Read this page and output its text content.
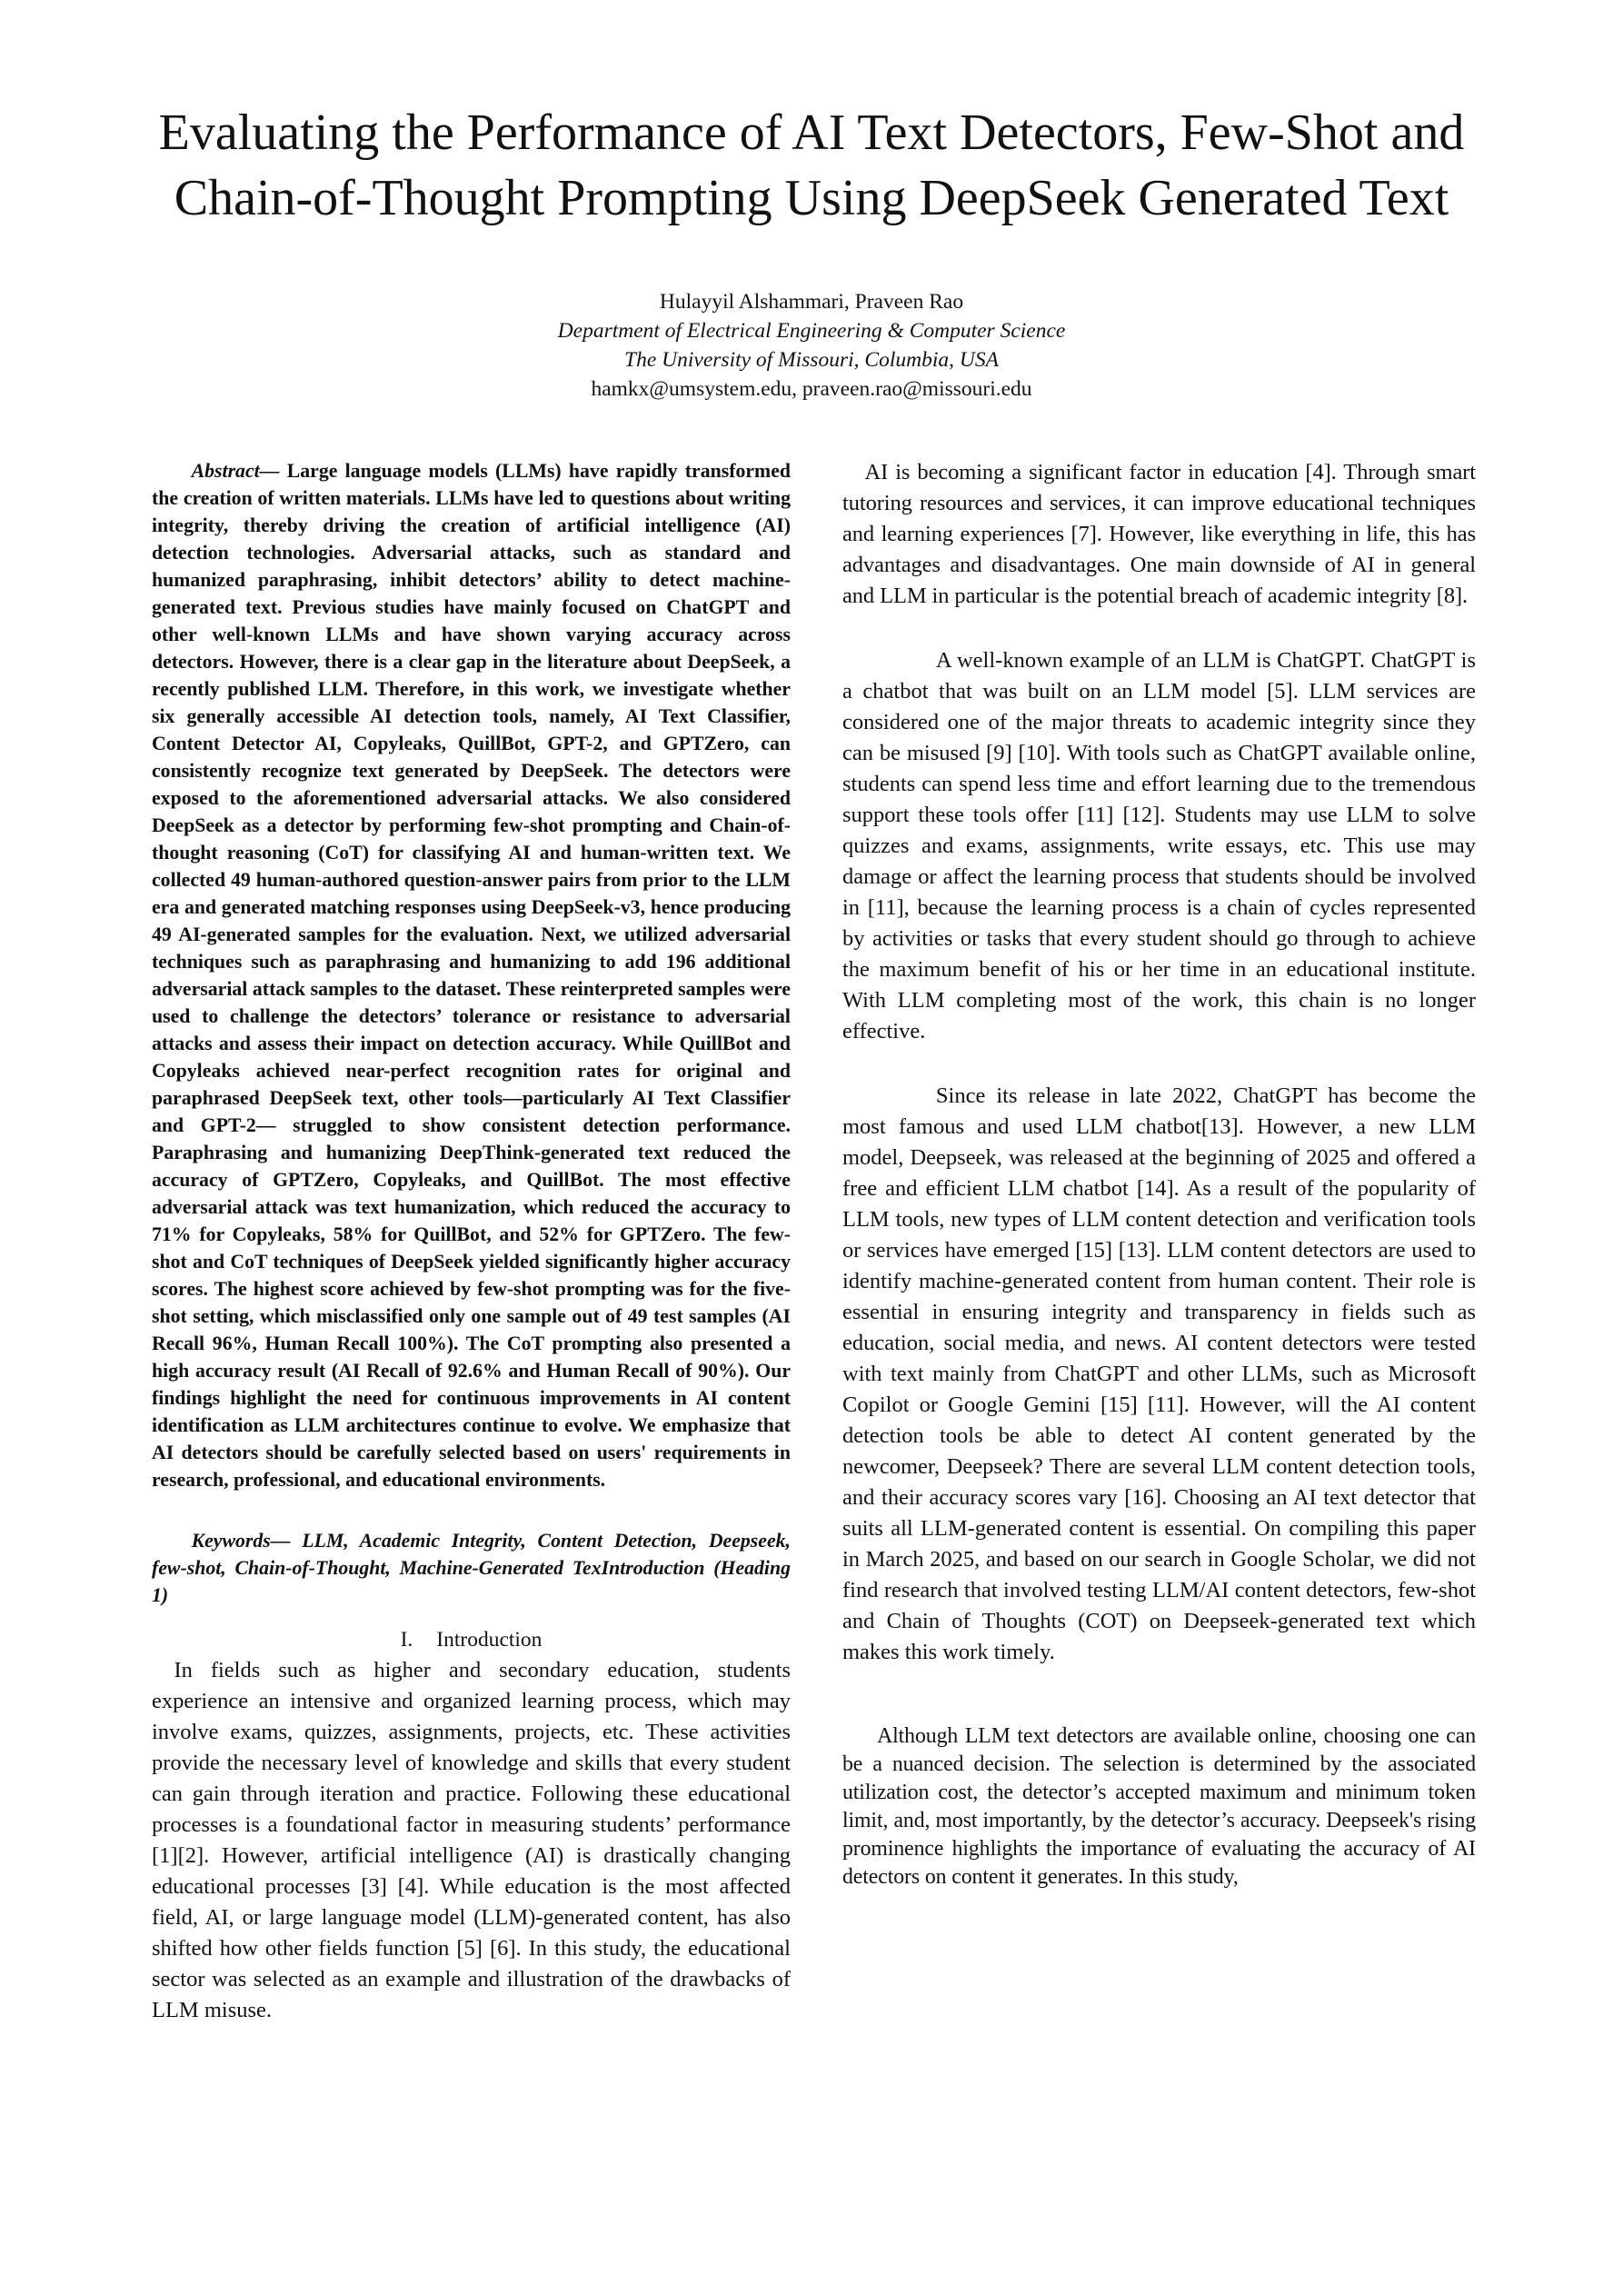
Evaluating the Performance of AI Text Detectors, Few-Shot and
Chain-of-Thought Prompting Using DeepSeek Generated Text
Hulayyil Alshammari, Praveen Rao
Department of Electrical Engineering & Computer Science
The University of Missouri, Columbia, USA
hamkx@umsystem.edu, praveen.rao@missouri.edu

Abstract— Large language models (LLMs) have rapidly transformed the creation of written materials. LLMs have led to questions about writing integrity, thereby driving the creation of artificial intelligence (AI) detection technologies. Adversarial attacks, such as standard and humanized paraphrasing, inhibit detectors’ ability to detect machine-generated text. Previous studies have mainly focused on ChatGPT and other well-known LLMs and have shown varying accuracy across detectors. However, there is a clear gap in the literature about DeepSeek, a recently published LLM. Therefore, in this work, we investigate whether six generally accessible AI detection tools, namely, AI Text Classifier, Content Detector AI, Copyleaks, QuillBot, GPT-2, and GPTZero, can consistently recognize text generated by DeepSeek. The detectors were exposed to the aforementioned adversarial attacks. We also considered DeepSeek as a detector by performing few-shot prompting and Chain-of-thought reasoning (CoT) for classifying AI and human-written text. We collected 49 human-authored question-answer pairs from prior to the LLM era and generated matching responses using DeepSeek-v3, hence producing 49 AI-generated samples for the evaluation. Next, we utilized adversarial techniques such as paraphrasing and humanizing to add 196 additional adversarial attack samples to the dataset. These reinterpreted samples were used to challenge the detectors’ tolerance or resistance to adversarial attacks and assess their impact on detection accuracy. While QuillBot and Copyleaks achieved near-perfect recognition rates for original and paraphrased DeepSeek text, other tools—particularly AI Text Classifier and GPT-2— struggled to show consistent detection performance. Paraphrasing and humanizing DeepThink-generated text reduced the accuracy of GPTZero, Copyleaks, and QuillBot. The most effective adversarial attack was text humanization, which reduced the accuracy to 71% for Copyleaks, 58% for QuillBot, and 52% for GPTZero. The few-shot and CoT techniques of DeepSeek yielded significantly higher accuracy scores. The highest score achieved by few-shot prompting was for the five-shot setting, which misclassified only one sample out of 49 test samples (AI Recall 96%, Human Recall 100%). The CoT prompting also presented a high accuracy result (AI Recall of 92.6% and Human Recall of 90%). Our findings highlight the need for continuous improvements in AI content identification as LLM architectures continue to evolve. We emphasize that AI detectors should be carefully selected based on users' requirements in research, professional, and educational environments.

Keywords— LLM, Academic Integrity, Content Detection, Deepseek, few-shot, Chain-of-Thought, Machine-Generated TexIntroduction (Heading 1)

I. Introduction

In fields such as higher and secondary education, students experience an intensive and organized learning process, which may involve exams, quizzes, assignments, projects, etc. These activities provide the necessary level of knowledge and skills that every student can gain through iteration and practice. Following these educational processes is a foundational factor in measuring students’ performance [1][2]. However, artificial intelligence (AI) is drastically changing educational processes [3] [4]. While education is the most affected field, AI, or large language model (LLM)-generated content, has also shifted how other fields function [5] [6]. In this study, the educational sector was selected as an example and illustration of the drawbacks of LLM misuse.

AI is becoming a significant factor in education [4]. Through smart tutoring resources and services, it can improve educational techniques and learning experiences [7]. However, like everything in life, this has advantages and disadvantages. One main downside of AI in general and LLM in particular is the potential breach of academic integrity [8].

A well-known example of an LLM is ChatGPT. ChatGPT is a chatbot that was built on an LLM model [5]. LLM services are considered one of the major threats to academic integrity since they can be misused [9] [10]. With tools such as ChatGPT available online, students can spend less time and effort learning due to the tremendous support these tools offer [11] [12]. Students may use LLM to solve quizzes and exams, assignments, write essays, etc. This use may damage or affect the learning process that students should be involved in [11], because the learning process is a chain of cycles represented by activities or tasks that every student should go through to achieve the maximum benefit of his or her time in an educational institute. With LLM completing most of the work, this chain is no longer effective.

Since its release in late 2022, ChatGPT has become the most famous and used LLM chatbot[13]. However, a new LLM model, Deepseek, was released at the beginning of 2025 and offered a free and efficient LLM chatbot [14]. As a result of the popularity of LLM tools, new types of LLM content detection and verification tools or services have emerged [15] [13]. LLM content detectors are used to identify machine-generated content from human content. Their role is essential in ensuring integrity and transparency in fields such as education, social media, and news. AI content detectors were tested with text mainly from ChatGPT and other LLMs, such as Microsoft Copilot or Google Gemini [15] [11]. However, will the AI content detection tools be able to detect AI content generated by the newcomer, Deepseek? There are several LLM content detection tools, and their accuracy scores vary [16]. Choosing an AI text detector that suits all LLM-generated content is essential. On compiling this paper in March 2025, and based on our search in Google Scholar, we did not find research that involved testing LLM/AI content detectors, few-shot and Chain of Thoughts (COT) on Deepseek-generated text which makes this work timely.

Although LLM text detectors are available online, choosing one can be a nuanced decision. The selection is determined by the associated utilization cost, the detector’s accepted maximum and minimum token limit, and, most importantly, by the detector’s accuracy. Deepseek's rising prominence highlights the importance of evaluating the accuracy of AI detectors on content it generates. In this study,
